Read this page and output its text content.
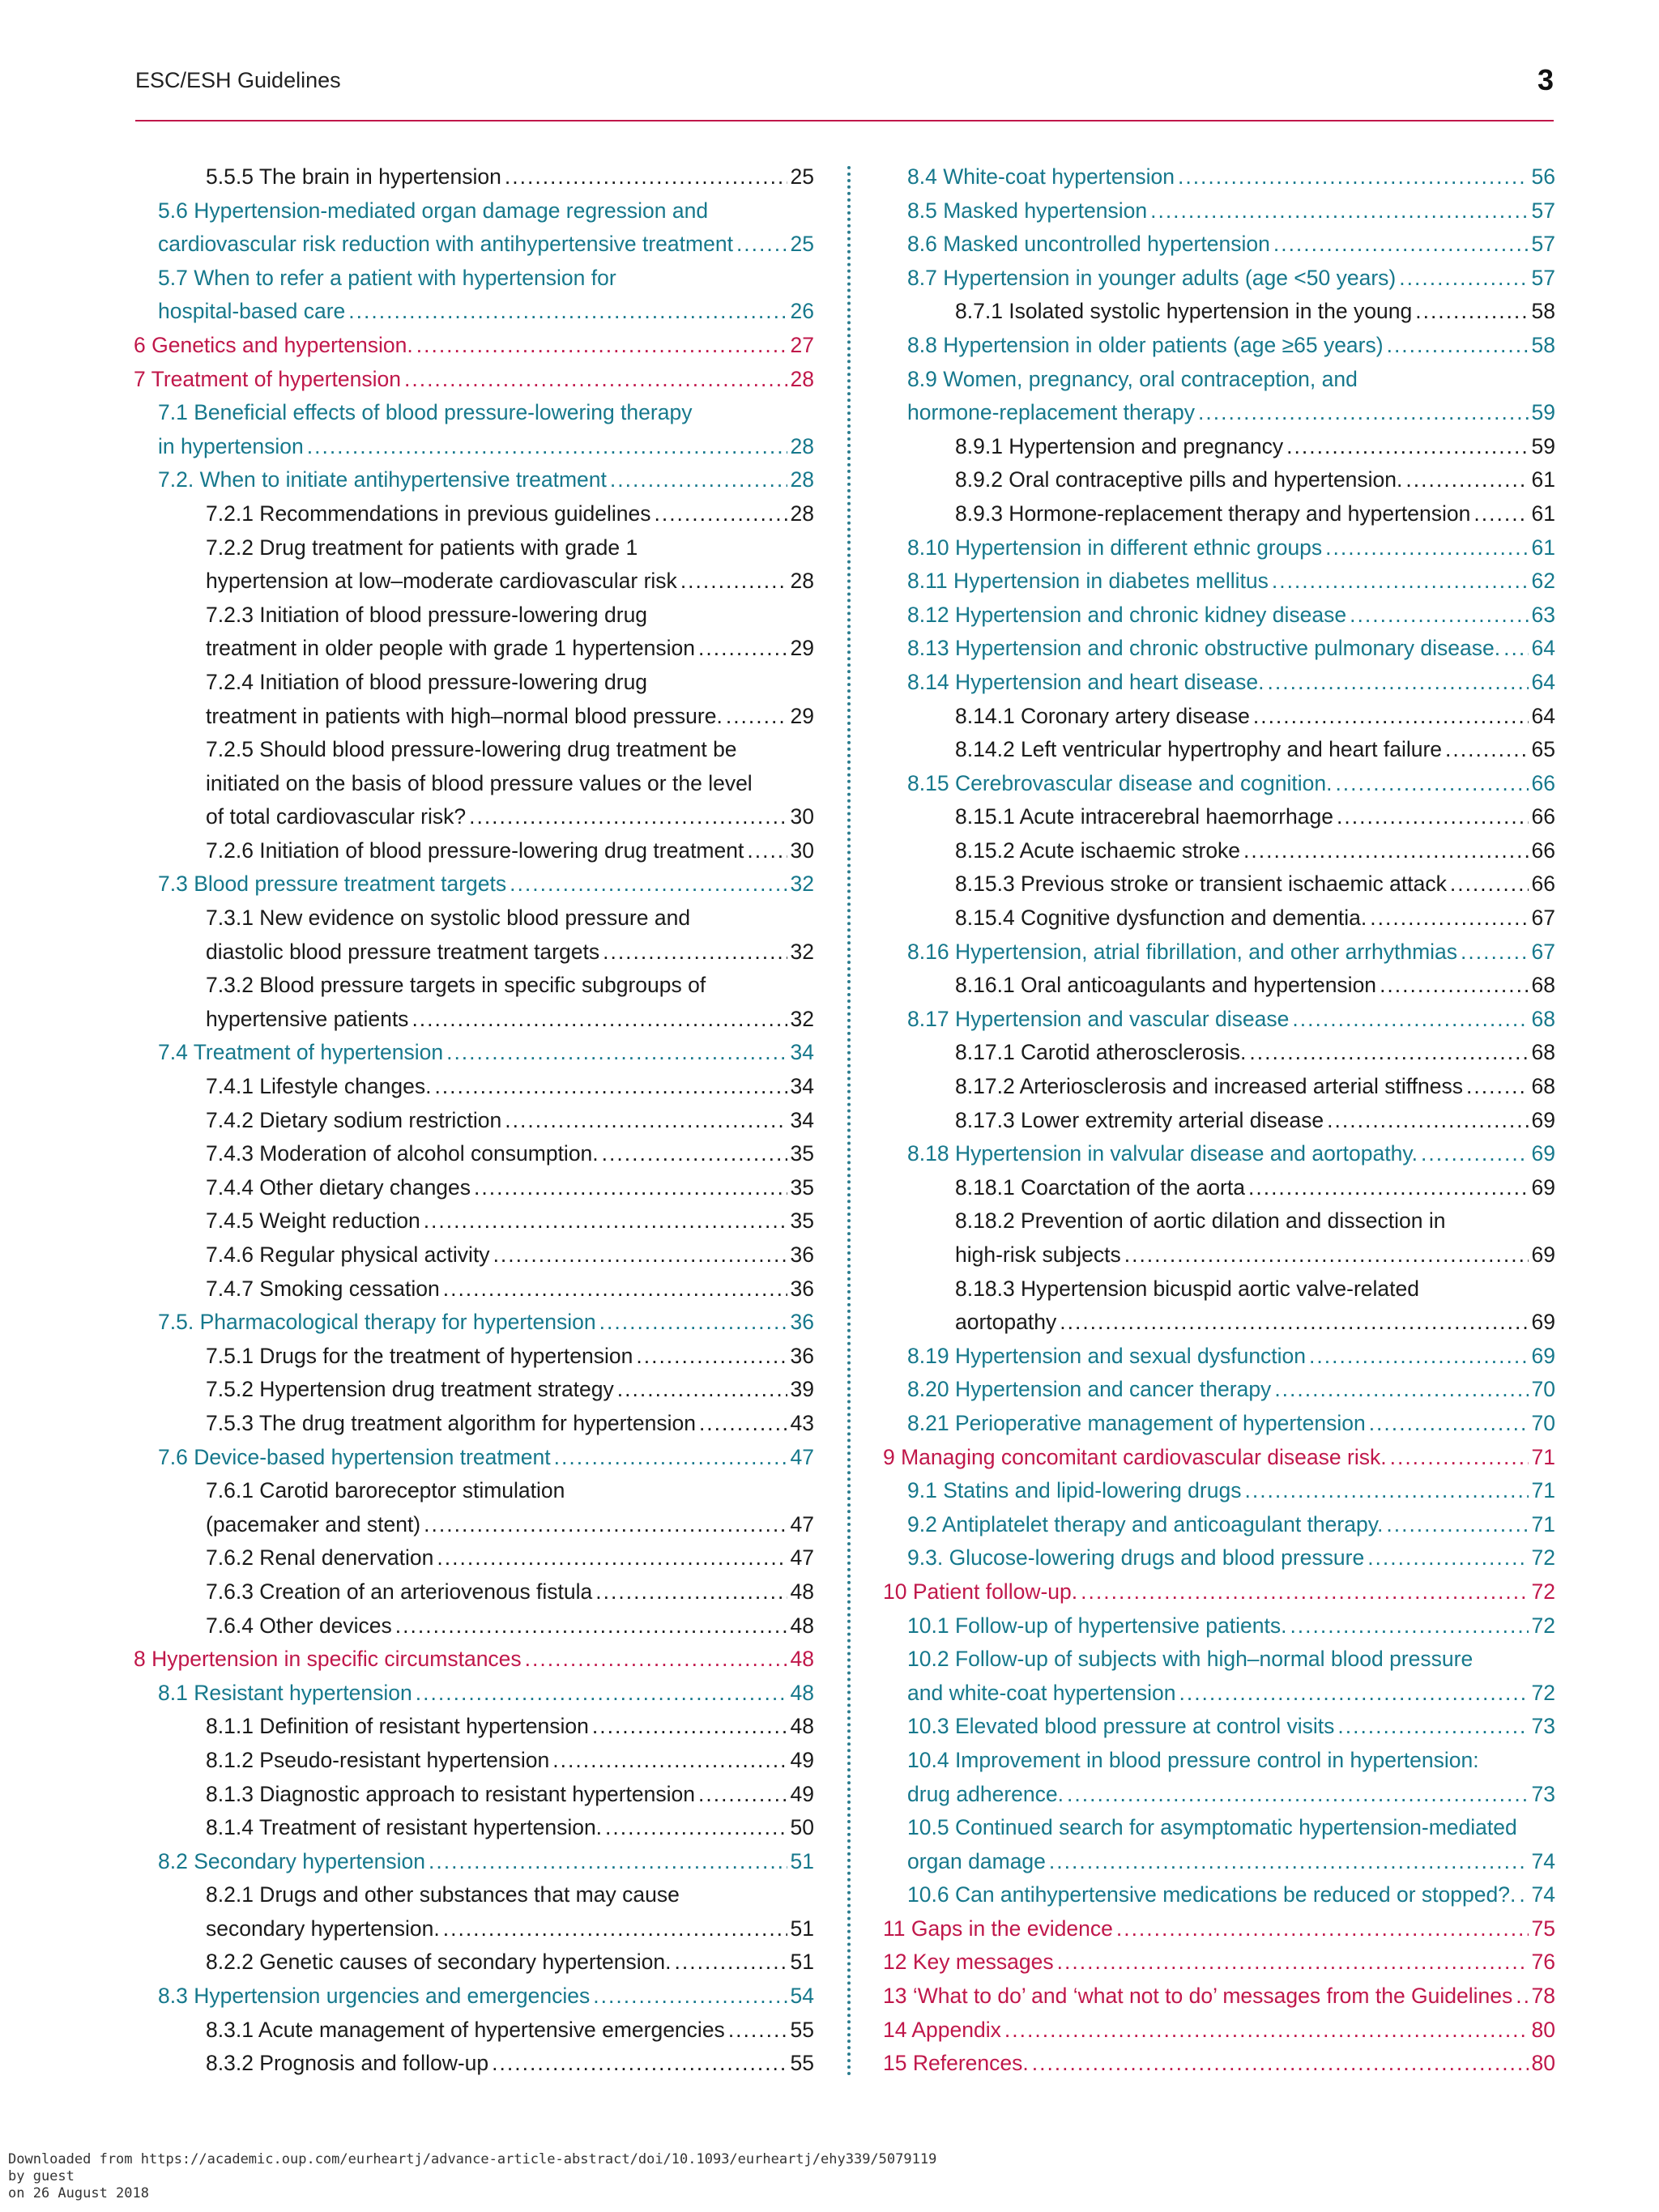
ESC/ESH Guidelines	3
5.5.5 The brain in hypertension .....	25
5.6 Hypertension-mediated organ damage regression and
cardiovascular risk reduction with antihypertensive treatment .....	25
5.7 When to refer a patient with hypertension for
hospital-based care .....	26
6 Genetics and hypertension. .....	27
7 Treatment of hypertension .....	28
7.1 Beneficial effects of blood pressure-lowering therapy
in hypertension .....	28
7.2. When to initiate antihypertensive treatment .....	28
7.2.1 Recommendations in previous guidelines .....	28
7.2.2 Drug treatment for patients with grade 1
hypertension at low–moderate cardiovascular risk .....	28
7.2.3 Initiation of blood pressure-lowering drug
treatment in older people with grade 1 hypertension .....	29
7.2.4 Initiation of blood pressure-lowering drug
treatment in patients with high–normal blood pressure. .....	29
7.2.5 Should blood pressure-lowering drug treatment be
initiated on the basis of blood pressure values or the level
of total cardiovascular risk? .....	30
7.2.6 Initiation of blood pressure-lowering drug treatment ..... 30
7.3 Blood pressure treatment targets .....	32
7.3.1 New evidence on systolic blood pressure and
diastolic blood pressure treatment targets .....	32
7.3.2 Blood pressure targets in specific subgroups of
hypertensive patients .....	32
7.4 Treatment of hypertension .....	34
7.4.1 Lifestyle changes. .....	34
7.4.2 Dietary sodium restriction .....	34
7.4.3 Moderation of alcohol consumption. .....	35
7.4.4 Other dietary changes .....	35
7.4.5 Weight reduction .....	35
7.4.6 Regular physical activity .....	36
7.4.7 Smoking cessation .....	36
7.5. Pharmacological therapy for hypertension .....	36
7.5.1 Drugs for the treatment of hypertension .....	36
7.5.2 Hypertension drug treatment strategy .....	39
7.5.3 The drug treatment algorithm for hypertension .....	43
7.6 Device-based hypertension treatment .....	47
7.6.1 Carotid baroreceptor stimulation
(pacemaker and stent) .....	47
7.6.2 Renal denervation .....	47
7.6.3 Creation of an arteriovenous fistula .....	48
7.6.4 Other devices .....	48
8 Hypertension in specific circumstances .....	48
8.1 Resistant hypertension .....	48
8.1.1 Definition of resistant hypertension .....	48
8.1.2 Pseudo-resistant hypertension .....	49
8.1.3 Diagnostic approach to resistant hypertension .....	49
8.1.4 Treatment of resistant hypertension. .....	50
8.2 Secondary hypertension .....	51
8.2.1 Drugs and other substances that may cause
secondary hypertension. .....	51
8.2.2 Genetic causes of secondary hypertension. .....	51
8.3 Hypertension urgencies and emergencies .....	54
8.3.1 Acute management of hypertensive emergencies .....	55
8.3.2 Prognosis and follow-up .....	55
8.4 White-coat hypertension .....	56
8.5 Masked hypertension .....	57
8.6 Masked uncontrolled hypertension .....	57
8.7 Hypertension in younger adults (age <50 years) .....	57
8.7.1 Isolated systolic hypertension in the young .....	58
8.8 Hypertension in older patients (age ≥65 years) .....	58
8.9 Women, pregnancy, oral contraception, and
hormone-replacement therapy .....	59
8.9.1 Hypertension and pregnancy .....	59
8.9.2 Oral contraceptive pills and hypertension. .....	61
8.9.3 Hormone-replacement therapy and hypertension .....	61
8.10 Hypertension in different ethnic groups .....	61
8.11 Hypertension in diabetes mellitus .....	62
8.12 Hypertension and chronic kidney disease .....	63
8.13 Hypertension and chronic obstructive pulmonary disease. ..... 64
8.14 Hypertension and heart disease. .....	64
8.14.1 Coronary artery disease .....	64
8.14.2 Left ventricular hypertrophy and heart failure .....	65
8.15 Cerebrovascular disease and cognition. .....	66
8.15.1 Acute intracerebral haemorrhage .....	66
8.15.2 Acute ischaemic stroke .....	66
8.15.3 Previous stroke or transient ischaemic attack .....	66
8.15.4 Cognitive dysfunction and dementia. .....	67
8.16 Hypertension, atrial fibrillation, and other arrhythmias .....	67
8.16.1 Oral anticoagulants and hypertension .....	68
8.17 Hypertension and vascular disease .....	68
8.17.1 Carotid atherosclerosis. .....	68
8.17.2 Arteriosclerosis and increased arterial stiffness .....	68
8.17.3 Lower extremity arterial disease .....	69
8.18 Hypertension in valvular disease and aortopathy. .....	69
8.18.1 Coarctation of the aorta .....	69
8.18.2 Prevention of aortic dilation and dissection in
high-risk subjects .....	69
8.18.3 Hypertension bicuspid aortic valve-related
aortopathy .....	69
8.19 Hypertension and sexual dysfunction .....	69
8.20 Hypertension and cancer therapy .....	70
8.21 Perioperative management of hypertension .....	70
9 Managing concomitant cardiovascular disease risk. .....	71
9.1 Statins and lipid-lowering drugs .....	71
9.2 Antiplatelet therapy and anticoagulant therapy. .....	71
9.3. Glucose-lowering drugs and blood pressure .....	72
10 Patient follow-up. .....	72
10.1 Follow-up of hypertensive patients. .....	72
10.2 Follow-up of subjects with high–normal blood pressure
and white-coat hypertension .....	72
10.3 Elevated blood pressure at control visits .....	73
10.4 Improvement in blood pressure control in hypertension:
drug adherence. .....	73
10.5 Continued search for asymptomatic hypertension-mediated
organ damage .....	74
10.6 Can antihypertensive medications be reduced or stopped?. ..... 74
11 Gaps in the evidence .....	75
12 Key messages .....	76
13 ‘What to do’ and ‘what not to do’ messages from the Guidelines ..... 78
14 Appendix .....	80
15 References. .....	80
Downloaded from https://academic.oup.com/eurheartj/advance-article-abstract/doi/10.1093/eurheartj/ehy339/5079119
by guest
on 26 August 2018
